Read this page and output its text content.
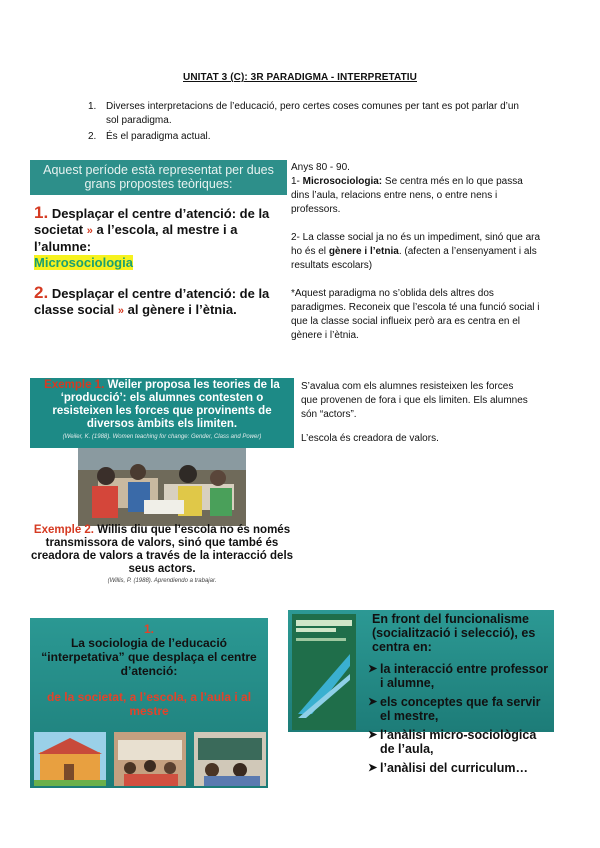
UNITAT 3 (C): 3R PARADIGMA - INTERPRETATIU
1. Diverses interpretacions de l’educació, pero certes coses comunes per tant es pot parlar d’un sol paradigma.
2. És el paradigma actual.
Aquest període està representat per dues grans propostes teòriques:
1. Desplaçar el centre d’atenció: de la societat » a l’escola, al mestre i a l’alumne:
Microsociologia
2. Desplaçar el centre d’atenció: de la classe social » al gènere i l’ètnia.
Anys 80 - 90.
1- Microsociologia: Se centra més en lo que passa dins l’aula, relacions entre nens, o entre nens i professors.
2- La classe social ja no és un impediment, sinó que ara ho és el gènere i l’etnia. (afecten a l’ensenyament i als resultats escolars)
*Aquest paradigma no s’oblida dels altres dos paradigmes. Reconeix que l’escola té una funció social i que la classe social influeix però ara es centra en el gènere i l’ètnia.
Exemple 1. Weiler proposa les teories de la ‘producció’: els alumnes contesten o resisteixen les forces que provinents de diversos àmbits els limiten.
(Weiler, K. (1988). Women teaching for change: Gender, Class and Power)
Exemple 2. Willis diu que l’escola no és només transmissora de valors, sinó que també és creadora de valors a través de la interacció dels seus actors.
(Willis, P. (1988). Aprendiendo a trabajar.
S’avalua com els alumnes resisteixen les forces que provenen de fora i que els limiten. Els alumnes són “actors”.
L’escola és creadora de valors.
1.
La sociologia de l’educació “interpetativa” que desplaça el centre d’atenció:
de la societat, a l’escola, a l’aula i al mestre
En front del funcionalisme (socialització i selecció), es centra en:
➤ la interacció entre professor i alumne,
➤ els conceptes que fa servir el mestre,
➤ l’anàlisi micro-sociològica de l’aula,
➤ l’anàlisi del curriculum…
